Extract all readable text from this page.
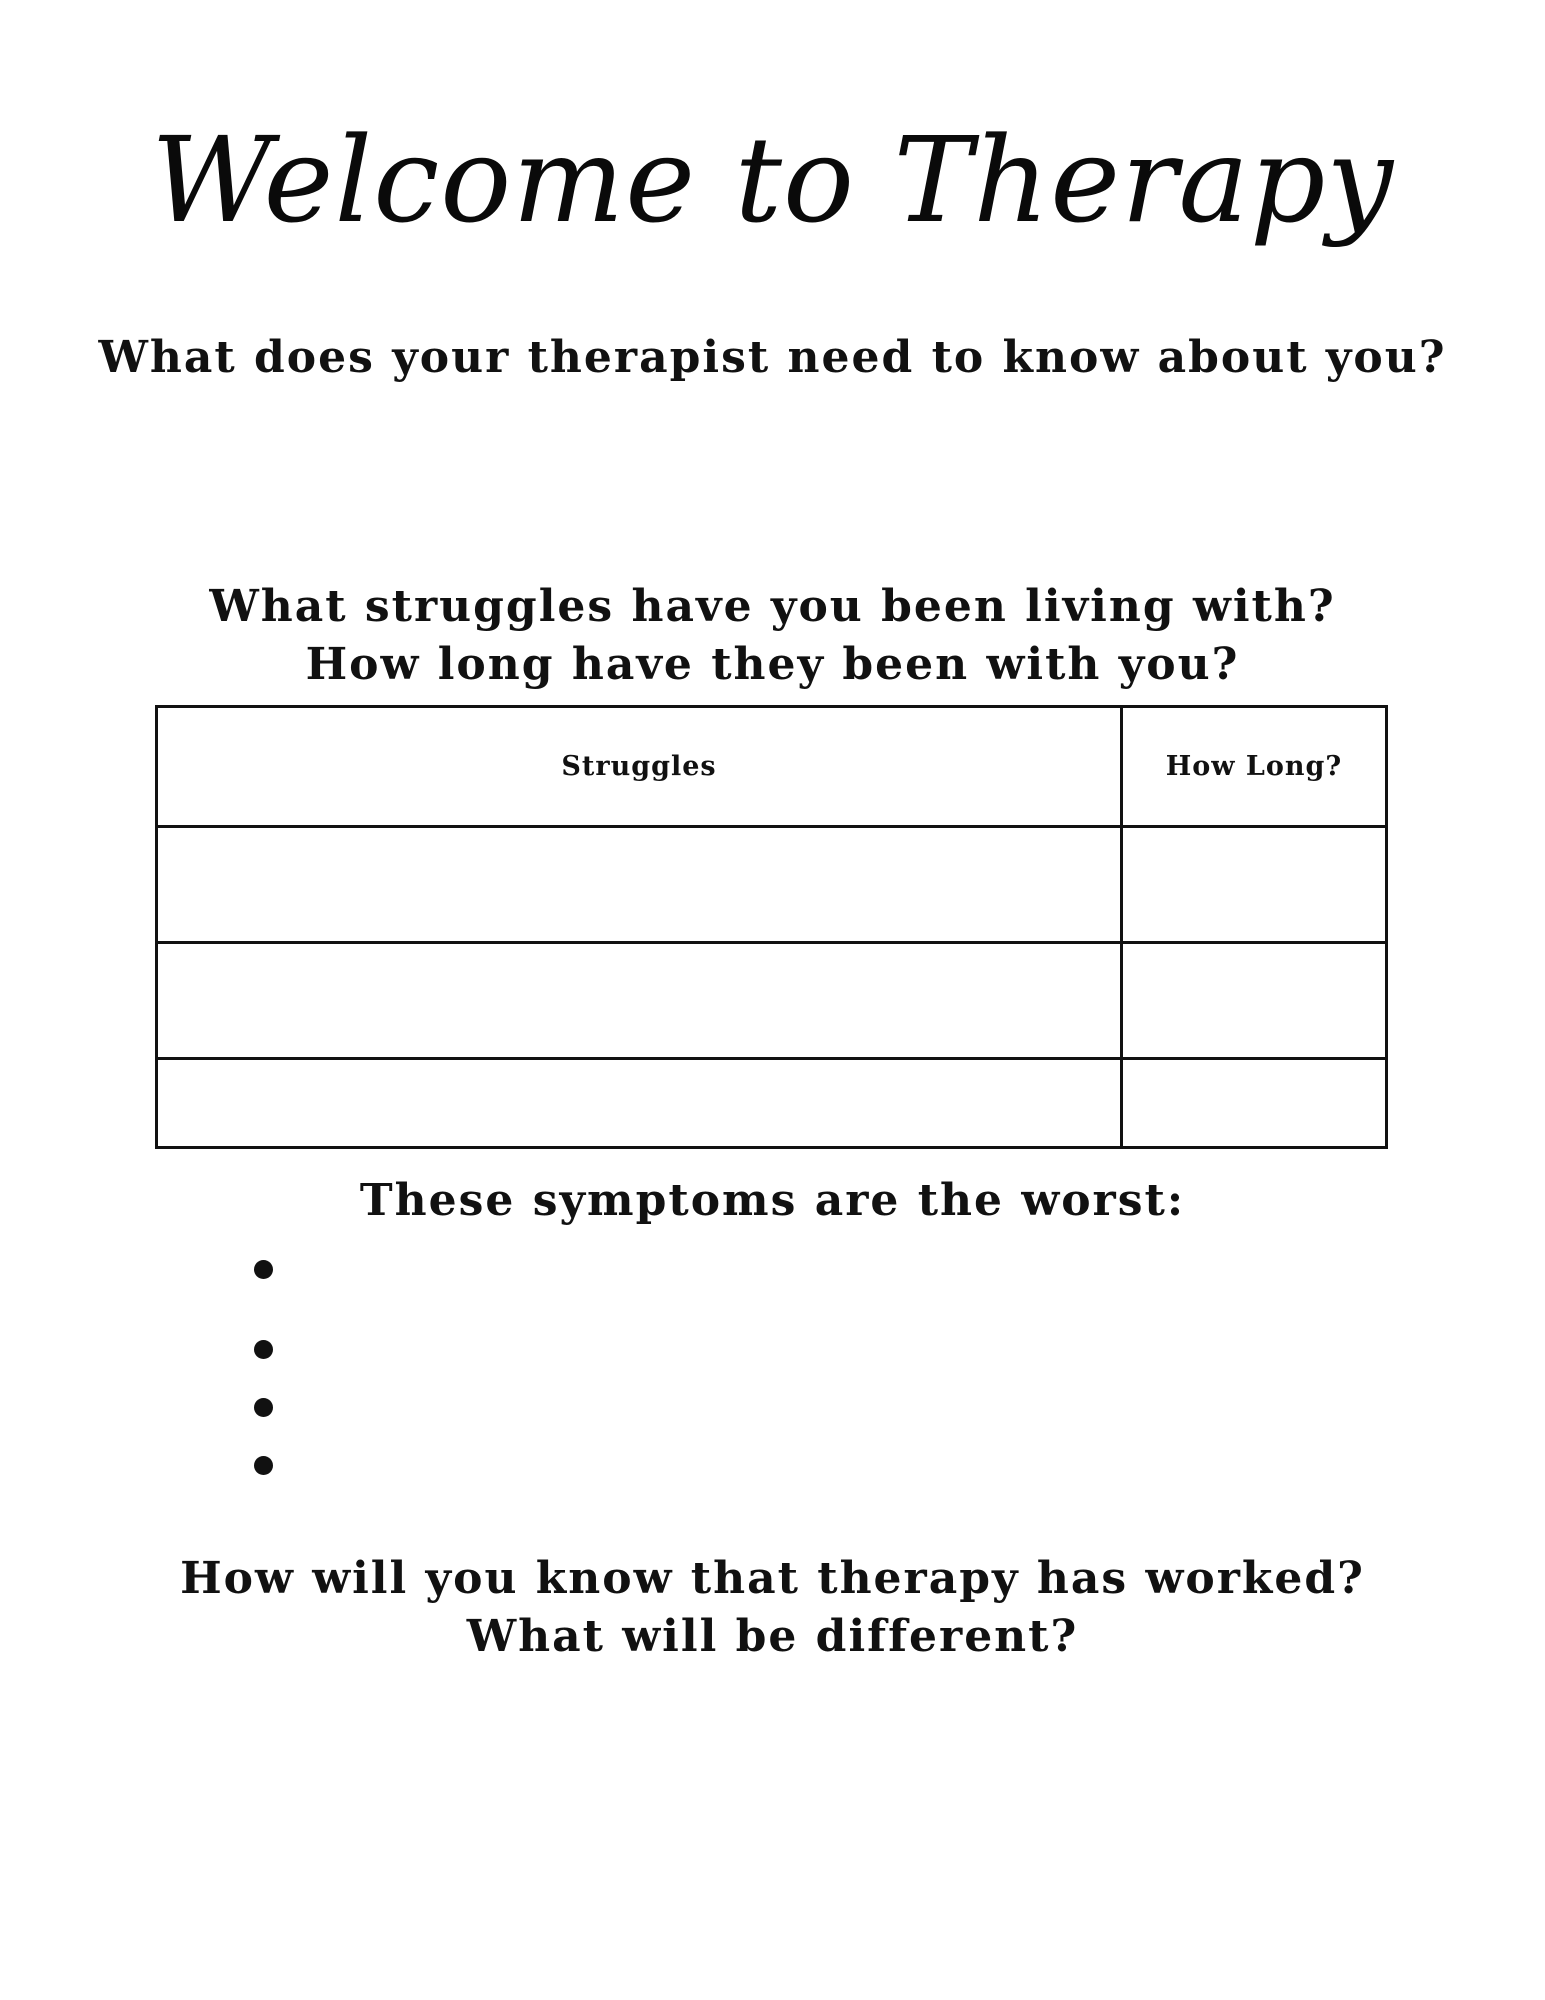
Welcome to Therapy
What does your therapist need to know about you?
What struggles have you been living with?
How long have they been with you?
Struggles	How Long?

These symptoms are the worst:
How will you know that therapy has worked?
What will be different?
